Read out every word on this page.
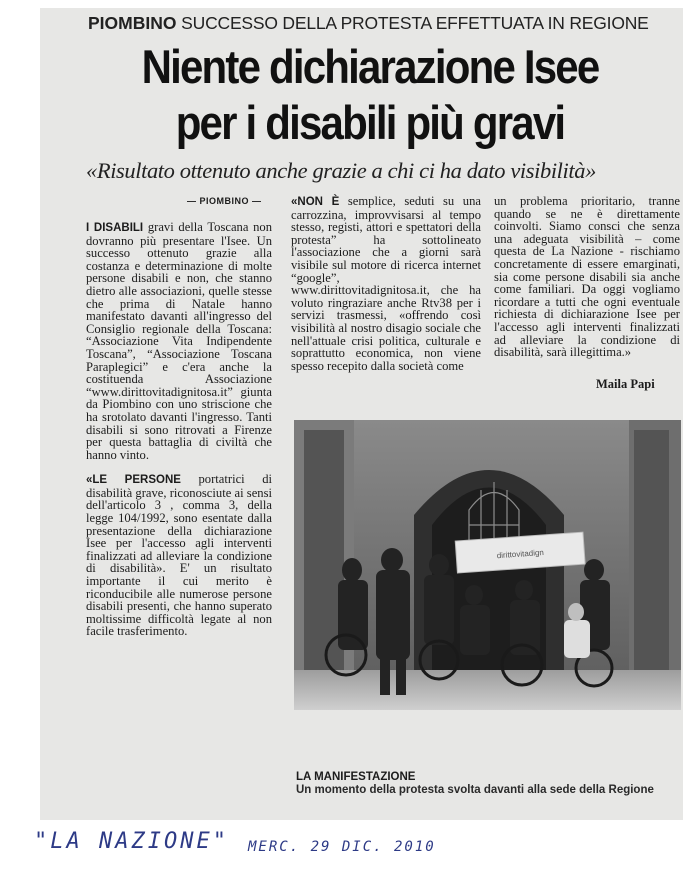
PIOMBINO SUCCESSO DELLA PROTESTA EFFETTUATA IN REGIONE
Niente dichiarazione Isee
per i disabili più gravi
«Risultato ottenuto anche grazie a chi ci ha dato visibilità»
— PIOMBINO —

I DISABILI gravi della Toscana non dovranno più presentare l'Isee. Un successo ottenuto grazie alla costanza e determinazione di molte persone disabili e non, che stanno dietro alle associazioni, quelle stesse che prima di Natale hanno manifestato davanti all'ingresso del Consiglio regionale della Toscana: “Associazione Vita Indipendente Toscana”, “Associazione Toscana Paraplegici” e c'era anche la costituenda Associazione “www.dirittovitadignitosa.it” giunta da Piombino con uno striscione che ha srotolato davanti l'ingresso. Tanti disabili si sono ritrovati a Firenze per questa battaglia di civiltà che hanno vinto.

«LE PERSONE portatrici di disabilità grave, riconosciute ai sensi dell'articolo 3 , comma 3, della legge 104/1992, sono esentate dalla presentazione della dichiarazione Isee per l'accesso agli interventi finalizzati ad alleviare la condizione di disabilità». E' un risultato importante il cui merito è riconducibile alle numerose persone disabili presenti, che hanno superato moltissime difficoltà legate al non facile trasferimento.

«NON È semplice, seduti su una carrozzina, improvvisarsi al tempo stesso, registi, attori e spettatori della protesta” ha sottolineato l'associazione che a giorni sarà visibile sul motore di ricerca internet “google”, www.dirittovitadignitosa.it, che ha voluto ringraziare anche Rtv38 per i servizi trasmessi, «offrendo così visibilità al nostro disagio sociale che nell'attuale crisi politica, culturale e soprattutto economica, non viene spesso recepito dalla società come

un problema prioritario, tranne quando se ne è direttamente coinvolti. Siamo consci che senza una adeguata visibilità – come questa de La Nazione - rischiamo concretamente di essere emarginati, sia come persone disabili sia anche come familiari. Da oggi vogliamo ricordare a tutti che ogni eventuale richiesta di dichiarazione Isee per l'accesso agli interventi finalizzati ad alleviare la condizione di disabilità, sarà illegittima.»

Maila Papi
dirittovitadign
LA MANIFESTAZIONE
Un momento della protesta svolta davanti alla sede della Regione
"LA NAZIONE" MERC. 29 DIC. 2010
